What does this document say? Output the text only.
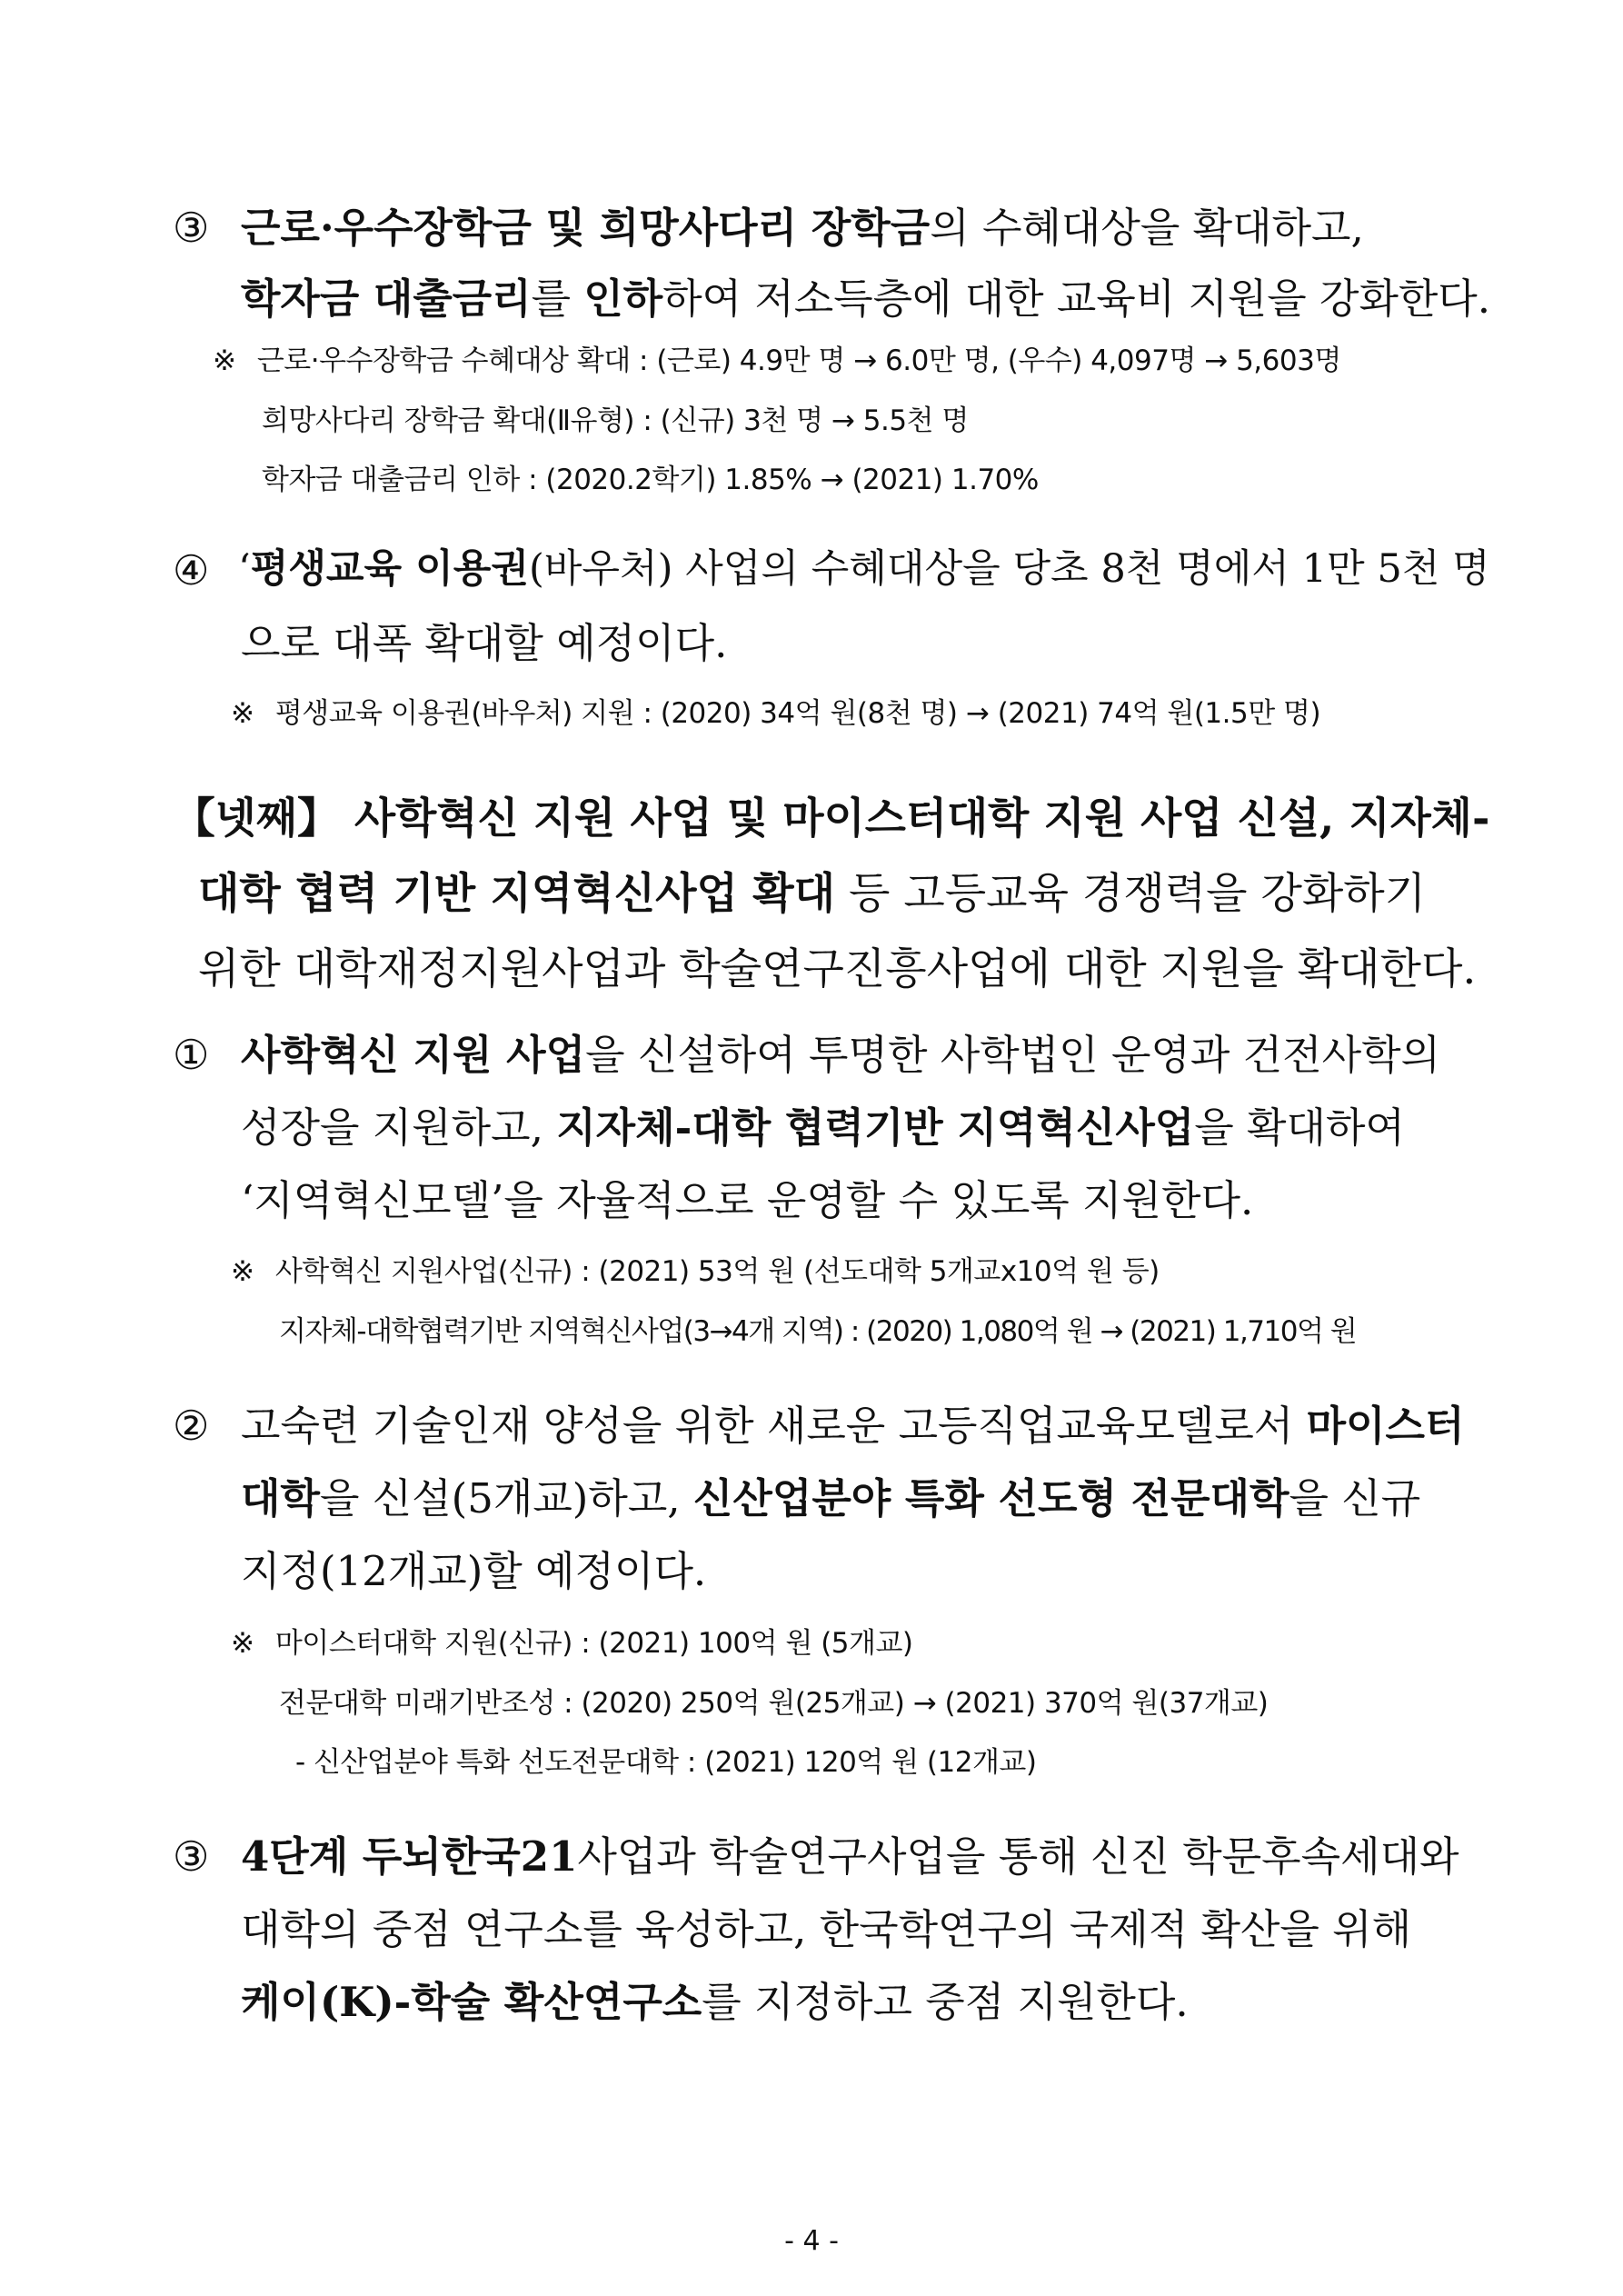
③ 근로·우수장학금 및 희망사다리 장학금의 수혜대상을 확대하고,
학자금 대출금리를 인하하여 저소득층에 대한 교육비 지원을 강화한다.
※ 근로·우수장학금 수혜대상 확대 : (근로) 4.9만 명 → 6.0만 명, (우수) 4,097명 → 5,603명
희망사다리 장학금 확대(Ⅱ유형) : (신규) 3천 명 → 5.5천 명
학자금 대출금리 인하 : (2020.2학기) 1.85% → (2021) 1.70%
④ ‘평생교육 이용권(바우처) 사업의 수혜대상을 당초 8천 명에서 1만 5천 명
으로 대폭 확대할 예정이다.
※ 평생교육 이용권(바우처) 지원 : (2020) 34억 원(8천 명) → (2021) 74억 원(1.5만 명)
【넷째】 사학혁신 지원 사업 및 마이스터대학 지원 사업 신설, 지자체-
대학 협력 기반 지역혁신사업 확대 등 고등교육 경쟁력을 강화하기
위한 대학재정지원사업과 학술연구진흥사업에 대한 지원을 확대한다.
① 사학혁신 지원 사업을 신설하여 투명한 사학법인 운영과 건전사학의
성장을 지원하고, 지자체-대학 협력기반 지역혁신사업을 확대하여
‘지역혁신모델’을 자율적으로 운영할 수 있도록 지원한다.
※ 사학혁신 지원사업(신규) : (2021) 53억 원 (선도대학 5개교x10억 원 등)
지자체-대학협력기반 지역혁신사업(3→4개 지역) : (2020) 1,080억 원 → (2021) 1,710억 원
② 고숙련 기술인재 양성을 위한 새로운 고등직업교육모델로서 마이스터
대학을 신설(5개교)하고, 신산업분야 특화 선도형 전문대학을 신규
지정(12개교)할 예정이다.
※ 마이스터대학 지원(신규) : (2021) 100억 원 (5개교)
전문대학 미래기반조성 : (2020) 250억 원(25개교) → (2021) 370억 원(37개교)
- 신산업분야 특화 선도전문대학 : (2021) 120억 원 (12개교)
③ 4단계 두뇌한국21사업과 학술연구사업을 통해 신진 학문후속세대와
대학의 중점 연구소를 육성하고, 한국학연구의 국제적 확산을 위해
케이(K)-학술 확산연구소를 지정하고 중점 지원한다.
- 4 -
